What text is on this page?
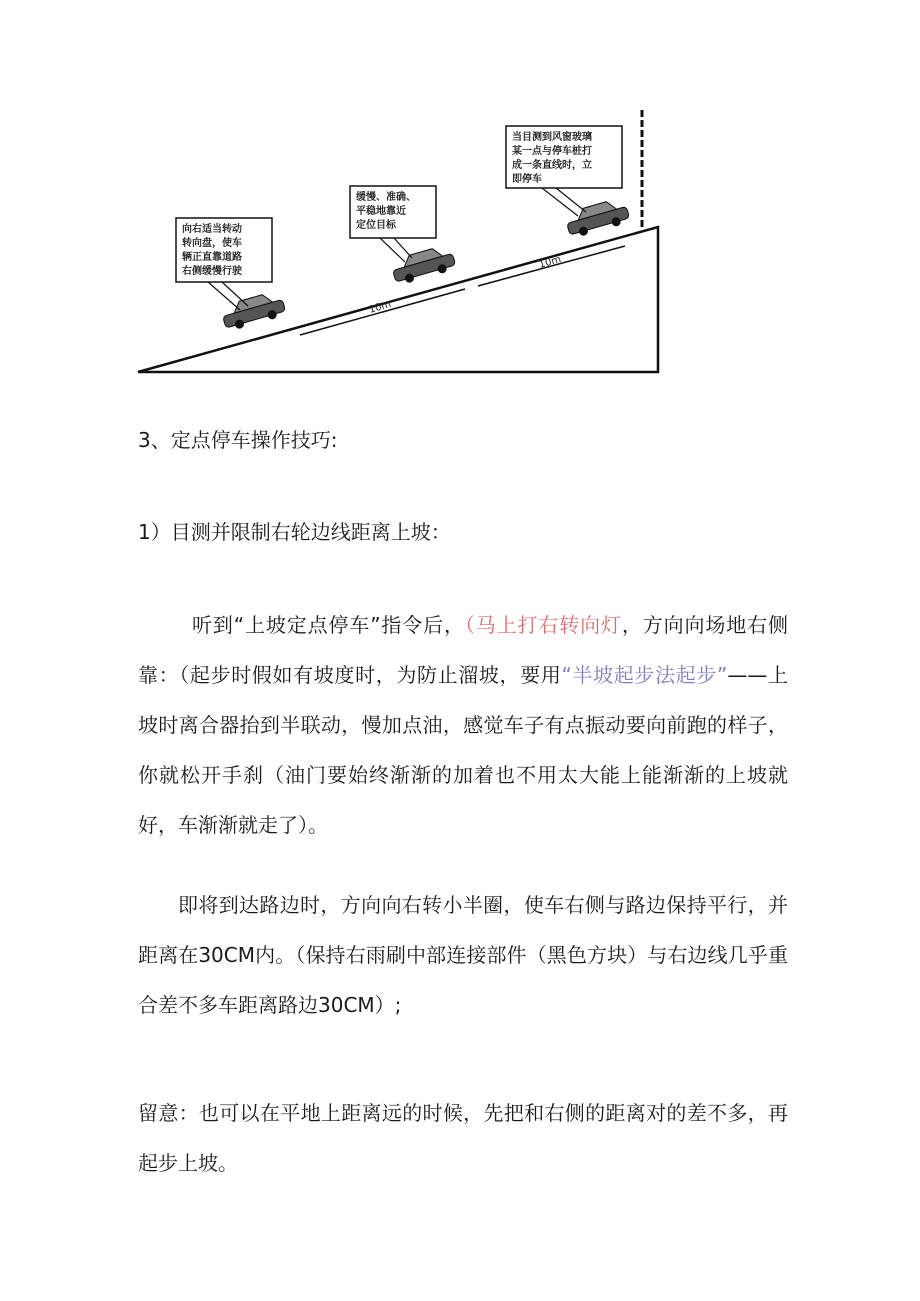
10m
10m
向右适当转动
转向盘，使车
辆正直靠道路
右侧缓慢行驶
缓慢、准确、
平稳地靠近
定位目标
当目测到风窗玻璃
某一点与停车桩打
成一条直线时，立
即停车

3、定点停车操作技巧:

1）目测并限制右轮边线距离上坡：

听到“上坡定点停车”指令后，（马上打右转向灯，方向向场地右侧靠：（起步时假如有坡度时，为防止溜坡，要用“半坡起步法起步”——上坡时离合器抬到半联动，慢加点油，感觉车子有点振动要向前跑的样子，你就松开手刹（油门要始终渐渐的加着也不用太大能上能渐渐的上坡就好，车渐渐就走了）。

即将到达路边时，方向向右转小半圈，使车右侧与路边保持平行，并距离在30CM内。（保持右雨刷中部连接部件（黑色方块）与右边线几乎重合差不多车距离路边30CM）;

留意：也可以在平地上距离远的时候，先把和右侧的距离对的差不多，再起步上坡。
